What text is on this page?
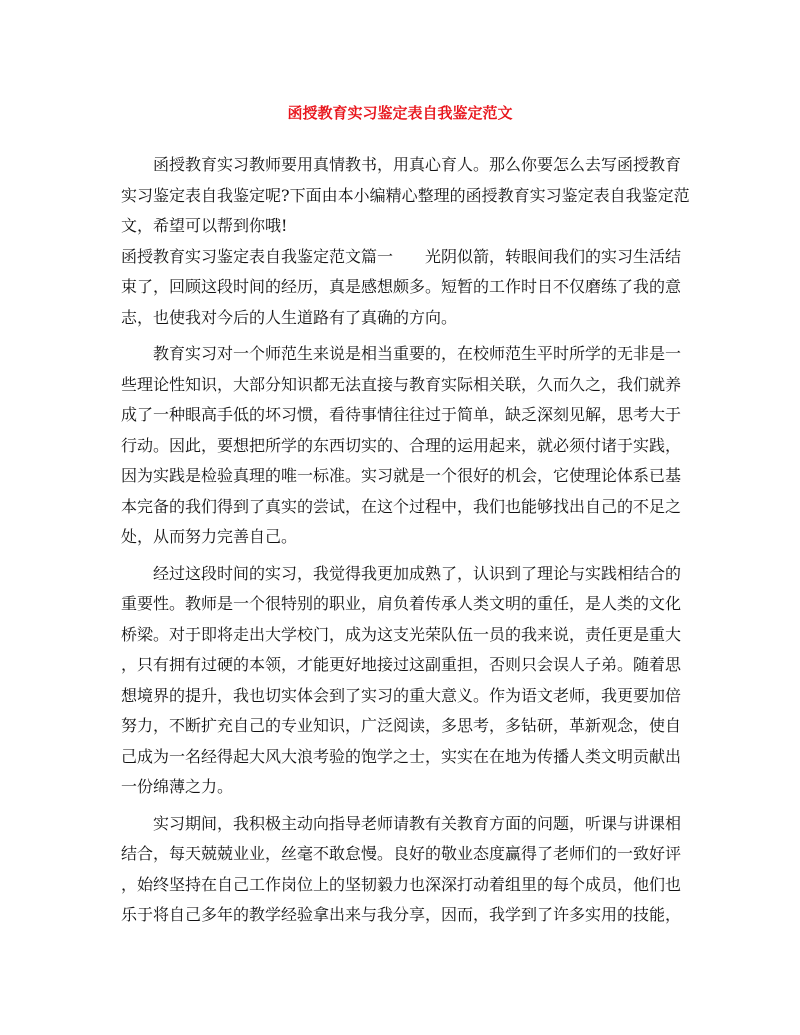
函授教育实习鉴定表自我鉴定范文
函授教育实习教师要用真情教书，用真心育人。那么你要怎么去写函授教育
实习鉴定表自我鉴定呢?下面由本小编精心整理的函授教育实习鉴定表自我鉴定范
文，希望可以帮到你哦!
函授教育实习鉴定表自我鉴定范文篇一 光阴似箭，转眼间我们的实习生活结
束了，回顾这段时间的经历，真是感想颇多。短暂的工作时日不仅磨练了我的意
志，也使我对今后的人生道路有了真确的方向。
教育实习对一个师范生来说是相当重要的，在校师范生平时所学的无非是一
些理论性知识，大部分知识都无法直接与教育实际相关联，久而久之，我们就养
成了一种眼高手低的坏习惯，看待事情往往过于简单，缺乏深刻见解，思考大于
行动。因此，要想把所学的东西切实的、合理的运用起来，就必须付诸于实践，
因为实践是检验真理的唯一标准。实习就是一个很好的机会，它使理论体系已基
本完备的我们得到了真实的尝试，在这个过程中，我们也能够找出自己的不足之
处，从而努力完善自己。
经过这段时间的实习，我觉得我更加成熟了，认识到了理论与实践相结合的
重要性。教师是一个很特别的职业，肩负着传承人类文明的重任，是人类的文化
桥梁。对于即将走出大学校门，成为这支光荣队伍一员的我来说，责任更是重大
，只有拥有过硬的本领，才能更好地接过这副重担，否则只会误人子弟。随着思
想境界的提升，我也切实体会到了实习的重大意义。作为语文老师，我更要加倍
努力，不断扩充自己的专业知识，广泛阅读，多思考，多钻研，革新观念，使自
己成为一名经得起大风大浪考验的饱学之士，实实在在地为传播人类文明贡献出
一份绵薄之力。
实习期间，我积极主动向指导老师请教有关教育方面的问题，听课与讲课相
结合，每天兢兢业业，丝毫不敢怠慢。良好的敬业态度赢得了老师们的一致好评
，始终坚持在自己工作岗位上的坚韧毅力也深深打动着组里的每个成员，他们也
乐于将自己多年的教学经验拿出来与我分享，因而，我学到了许多实用的技能，
